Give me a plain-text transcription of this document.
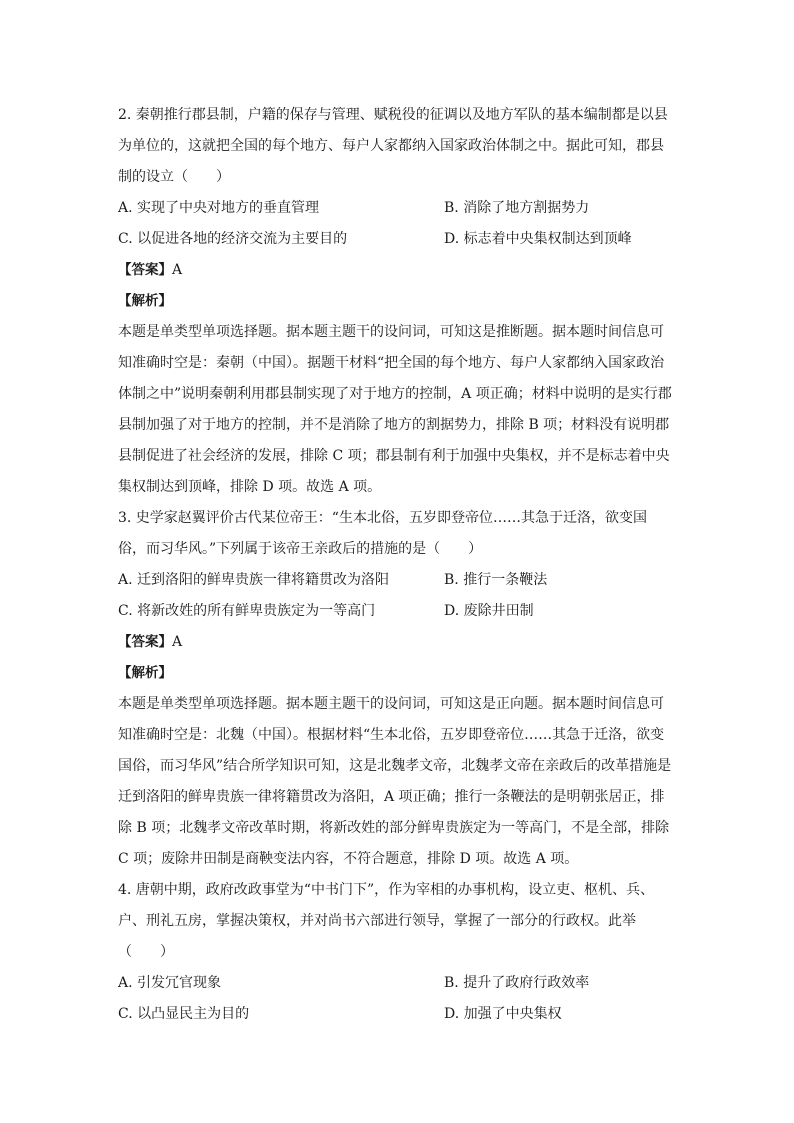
2. 秦朝推行郡县制，户籍的保存与管理、赋税役的征调以及地方军队的基本编制都是以县
为单位的，这就把全国的每个地方、每户人家都纳入国家政治体制之中。据此可知，郡县
制的设立（　　）
A. 实现了中央对地方的垂直管理	B. 消除了地方割据势力
C. 以促进各地的经济交流为主要目的	D. 标志着中央集权制达到顶峰
【答案】A
【解析】
本题是单类型单项选择题。据本题主题干的设问词，可知这是推断题。据本题时间信息可
知准确时空是：秦朝（中国）。据题干材料“把全国的每个地方、每户人家都纳入国家政治
体制之中”说明秦朝利用郡县制实现了对于地方的控制，A 项正确；材料中说明的是实行郡
县制加强了对于地方的控制，并不是消除了地方的割据势力，排除 B 项；材料没有说明郡
县制促进了社会经济的发展，排除 C 项；郡县制有利于加强中央集权，并不是标志着中央
集权制达到顶峰，排除 D 项。故选 A 项。
3. 史学家赵翼评价古代某位帝王：“生本北俗，五岁即登帝位……其急于迁洛，欲变国
俗，而习华风。”下列属于该帝王亲政后的措施的是（　　）
A. 迁到洛阳的鲜卑贵族一律将籍贯改为洛阳	B. 推行一条鞭法
C. 将新改姓的所有鲜卑贵族定为一等高门	D. 废除井田制
【答案】A
【解析】
本题是单类型单项选择题。据本题主题干的设问词，可知这是正向题。据本题时间信息可
知准确时空是：北魏（中国）。根据材料“生本北俗，五岁即登帝位……其急于迁洛，欲变
国俗，而习华风”结合所学知识可知，这是北魏孝文帝，北魏孝文帝在亲政后的改革措施是
迁到洛阳的鲜卑贵族一律将籍贯改为洛阳，A 项正确；推行一条鞭法的是明朝张居正，排
除 B 项；北魏孝文帝改革时期，将新改姓的部分鲜卑贵族定为一等高门，不是全部，排除
C 项；废除井田制是商鞅变法内容，不符合题意，排除 D 项。故选 A 项。
4. 唐朝中期，政府改政事堂为“中书门下”，作为宰相的办事机构，设立吏、枢机、兵、
户、刑礼五房，掌握决策权，并对尚书六部进行领导，掌握了一部分的行政权。此举
（　　）
A. 引发冗官现象	B. 提升了政府行政效率
C. 以凸显民主为目的	D. 加强了中央集权
